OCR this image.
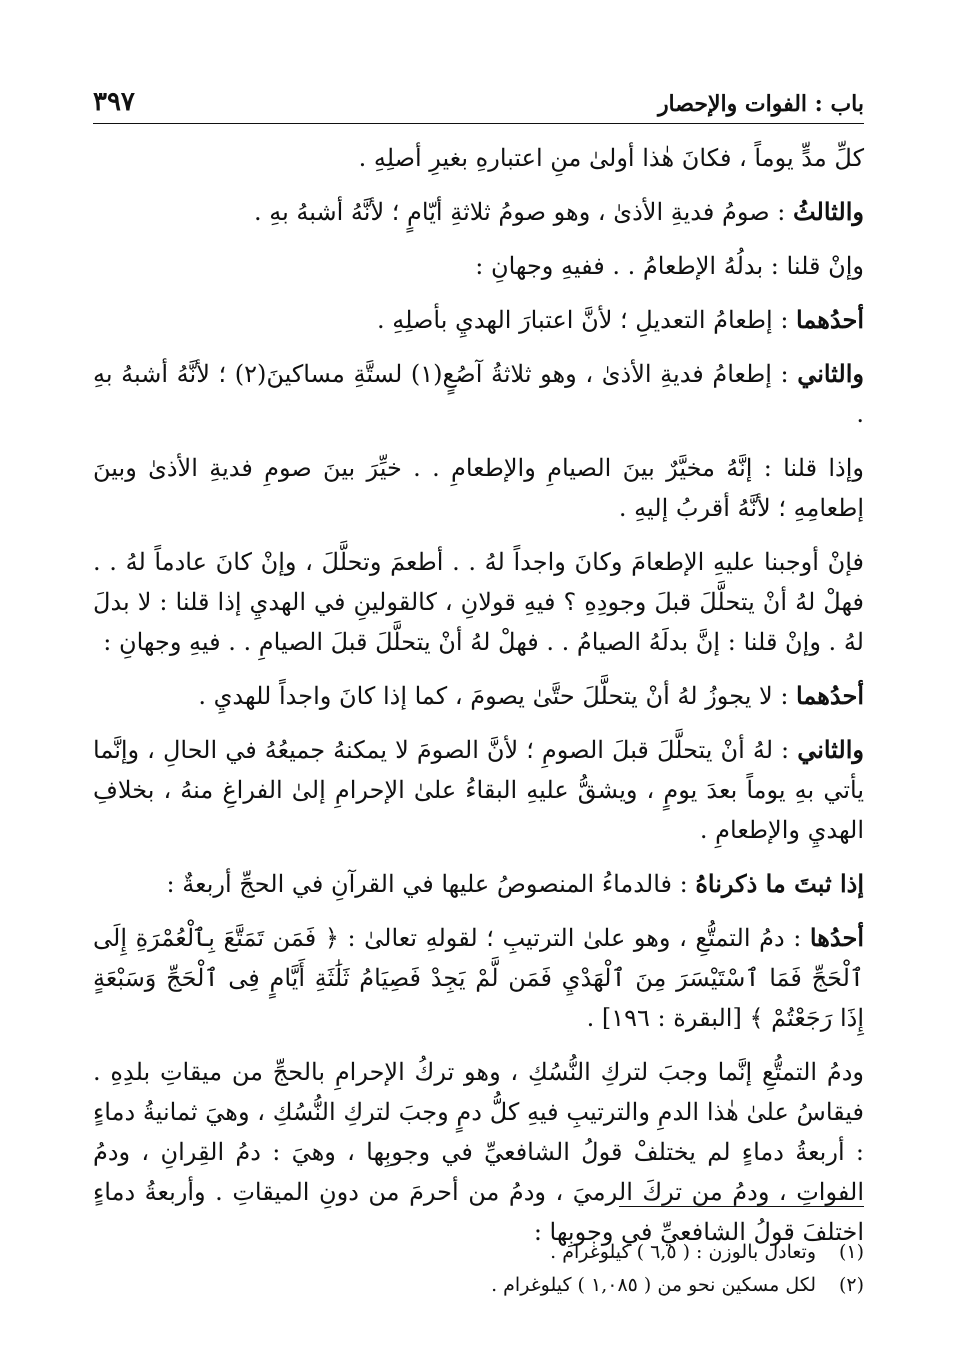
باب : الفوات والإحصار
٣٩٧

كلِّ مدٍّ يوماً ، فكانَ هٰذا أولىٰ منِ اعتبارهِ بغيرِ أصلِهِ .

والثالثُ : صومُ فديةِ الأذىٰ ، وهو صومُ ثلاثةِ أيّامٍ ؛ لأنَّهُ أشبهُ بهِ .

وإنْ قلنا : بدلُهُ الإطعامُ . . ففيهِ وجهانِ :

أحدُهما : إطعامُ التعديلِ ؛ لأنَّ اعتبارَ الهديِ بأصلِهِ .

والثاني : إطعامُ فديةِ الأذىٰ ، وهو ثلاثةُ آصُعٍ(١) لستَّةِ مساكينَ(٢) ؛ لأنَّهُ أشبهُ بهِ .

وإذا قلنا : إنَّهُ مخيَّرٌ بينَ الصيامِ والإطعامِ . . خيِّرَ بينَ صومِ فديةِ الأذىٰ وبينَ إطعامِهِ ؛ لأنَّهُ أقربُ إليهِ .

فإنْ أوجبنا عليهِ الإطعامَ وكانَ واجداً لهُ . . أطعمَ وتحلَّلَ ، وإنْ كانَ عادماً لهُ . . فهلْ لهُ أنْ يتحلَّلَ قبلَ وجودِهِ ؟ فيهِ قولانِ ، كالقولينِ في الهديِ إذا قلنا : لا بدلَ لهُ . وإنْ قلنا : إنَّ بدلَهُ الصيامُ . . فهلْ لهُ أنْ يتحلَّلَ قبلَ الصيامِ . . فيهِ وجهانِ :

أحدُهما : لا يجوزُ لهُ أنْ يتحلَّلَ حتَّىٰ يصومَ ، كما إذا كانَ واجداً للهديِ .

والثاني : لهُ أنْ يتحلَّلَ قبلَ الصومِ ؛ لأنَّ الصومَ لا يمكنهُ جميعُهُ في الحالِ ، وإنَّما يأتي بهِ يوماً بعدَ يومٍ ، ويشقُّ عليهِ البقاءُ علىٰ الإحرامِ إلىٰ الفراغِ منهُ ، بخلافِ الهديِ والإطعامِ .

إذا ثبتَ ما ذكرناهُ : فالدماءُ المنصوصُ عليها في القرآنِ في الحجِّ أربعةٌ :

أحدُها : دمُ التمتُّعِ ، وهو علىٰ الترتيبِ ؛ لقولهِ تعالىٰ : ﴿ فَمَن تَمَتَّعَ بِٱلْعُمْرَةِ إِلَى ٱلْحَجِّ فَمَا ٱسْتَيْسَرَ مِنَ ٱلْهَدْيِ فَمَن لَّمْ يَجِدْ فَصِيَامُ ثَلَٰثَةِ أَيَّامٍ فِى ٱلْحَجِّ وَسَبْعَةٍ إِذَا رَجَعْتُمْ ﴾ [البقرة : ١٩٦] .

ودمُ التمتُّعِ إنَّما وجبَ لتركِ النُّسُكِ ، وهو تركُ الإحرامِ بالحجِّ من ميقاتِ بلدِهِ . فيقاسُ علىٰ هٰذا الدمِ والترتيبِ فيهِ كلُّ دمٍ وجبَ لتركِ النُّسُكِ ، وهيَ ثمانيةُ دماءٍ : أربعةُ دماءٍ لم يختلفْ قولُ الشافعيِّ في وجوبِها ، وهيَ : دمُ القِرانِ ، ودمُ الفواتِ ، ودمُ من تركَ الرميَ ، ودمُ من أحرمَ من دونِ الميقاتِ . وأربعةُ دماءٍ اختلفَ قولُ الشافعيِّ في وجوبِها :

(١)
وتعادل بالوزن : ( ٦,٥ ) كيلوغرام .
(٢)
لكل مسكين نحو من ( ١,٠٨٥ ) كيلوغرام .
